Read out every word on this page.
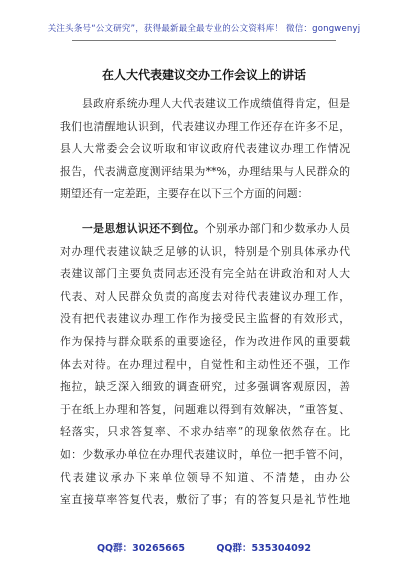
关注头条号“公文研究”，获得最新最全最专业的公文资料库！ 微信：gongwenyj
在人大代表建议交办工作会议上的讲话
县政府系统办理人大代表建议工作成绩值得肯定，但是
我们也清醒地认识到，代表建议办理工作还存在许多不足，
县人大常委会会议听取和审议政府代表建议办理工作情况
报告，代表满意度测评结果为**%，办理结果与人民群众的
期望还有一定差距，主要存在以下三个方面的问题：
一是思想认识还不到位。个别承办部门和少数承办人员
对办理代表建议缺乏足够的认识，特别是个别具体承办代
表建议部门主要负责同志还没有完全站在讲政治和对人大
代表、对人民群众负责的高度去对待代表建议办理工作，
没有把代表建议办理工作作为接受民主监督的有效形式，
作为保持与群众联系的重要途径，作为改进作风的重要载
体去对待。在办理过程中，自觉性和主动性还不强，工作
拖拉，缺乏深入细致的调查研究，过多强调客观原因，善
于在纸上办理和答复，问题难以得到有效解决，“重答复、
轻落实，只求答复率、不求办结率”的现象依然存在。比
如：少数承办单位在办理代表建议时，单位一把手管不问，
代表建议承办下来单位领导不知道、不清楚，由办公
室直接草率答复代表，敷衍了事；有的答复只是礼节性地
QQ群：30265665	QQ群：535304092
